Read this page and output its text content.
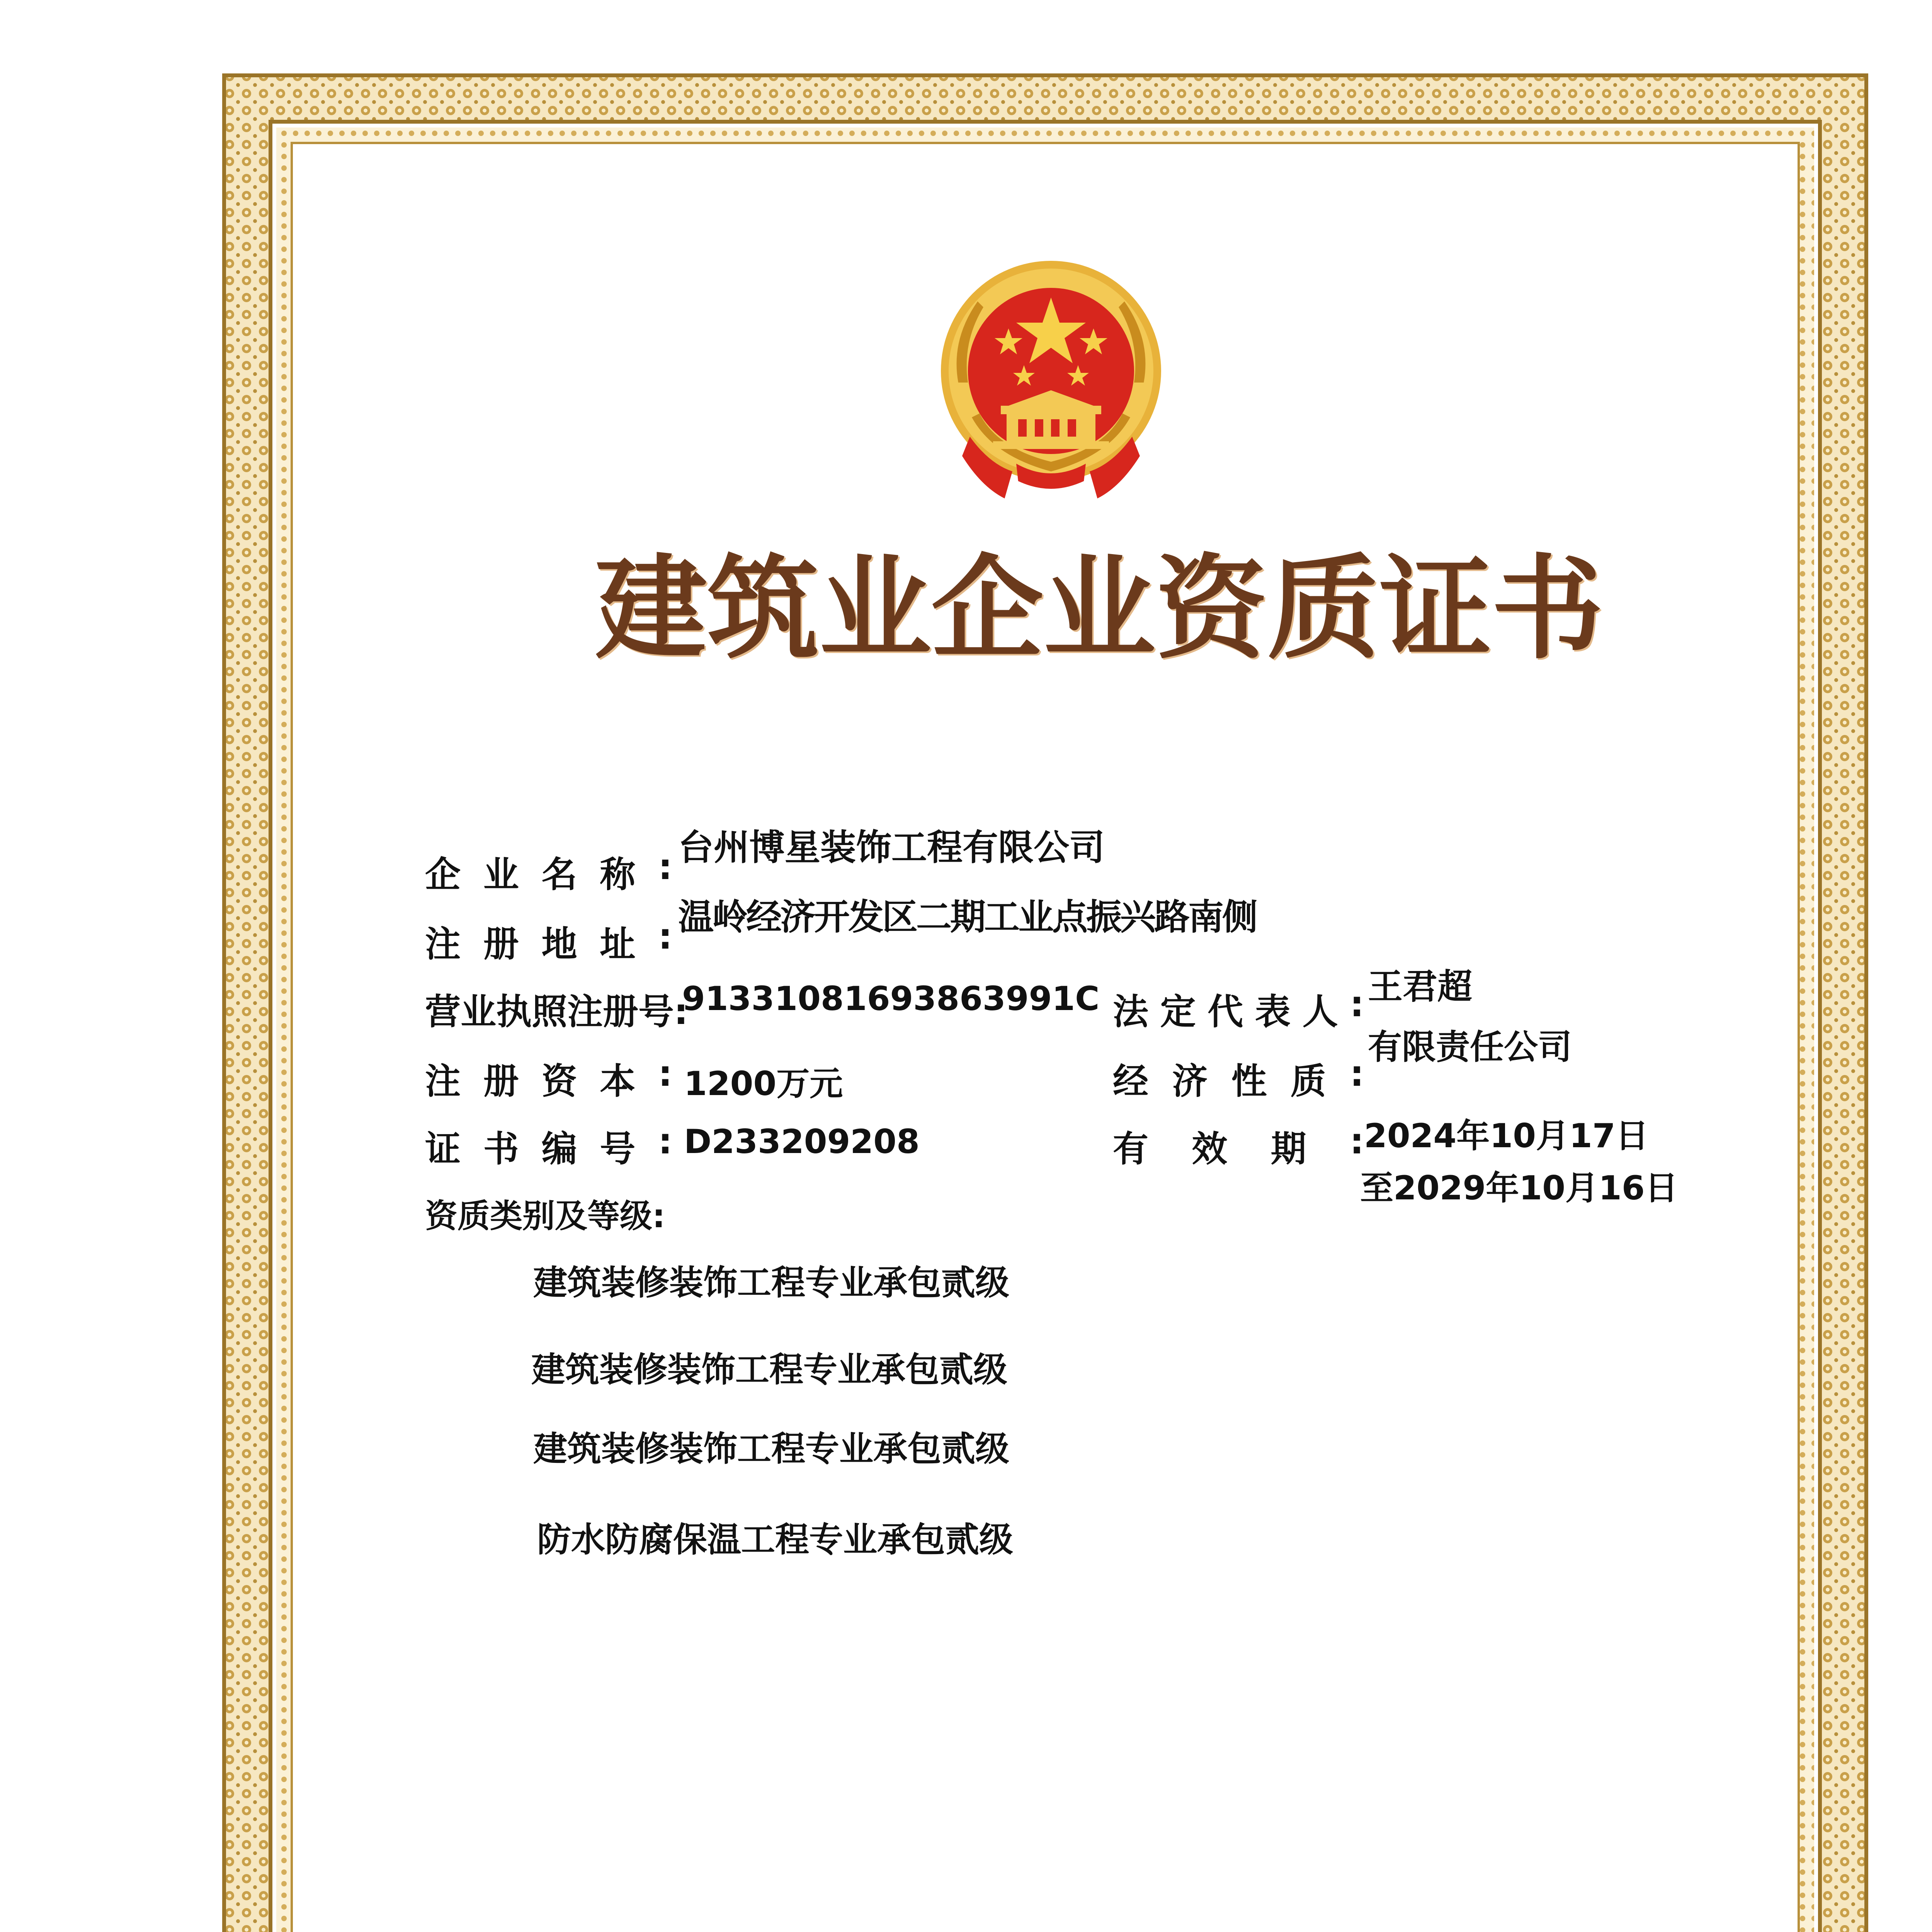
建 筑 业 企 业 资 质 证 书
企 业 名 称 : 台州博星装饰工程有限公司
注 册 地 址 : 温岭经济开发区二期工业点振兴路南侧
营业执照注册号:
91331081693863991C
注 册 资 本 : 1200万元
证 书 编 号 : D233209208
资质类别及等级:
法 定 代 表 人 : 王君超
经 济 性 质 :
有限责任公司
有 效 期 : 2024年10月17日
至2029年10月16日
建筑装修装饰工程专业承包贰级
建筑装修装饰工程专业承包贰级
建筑装修装饰工程专业承包贰级
防水防腐保温工程专业承包贰级
